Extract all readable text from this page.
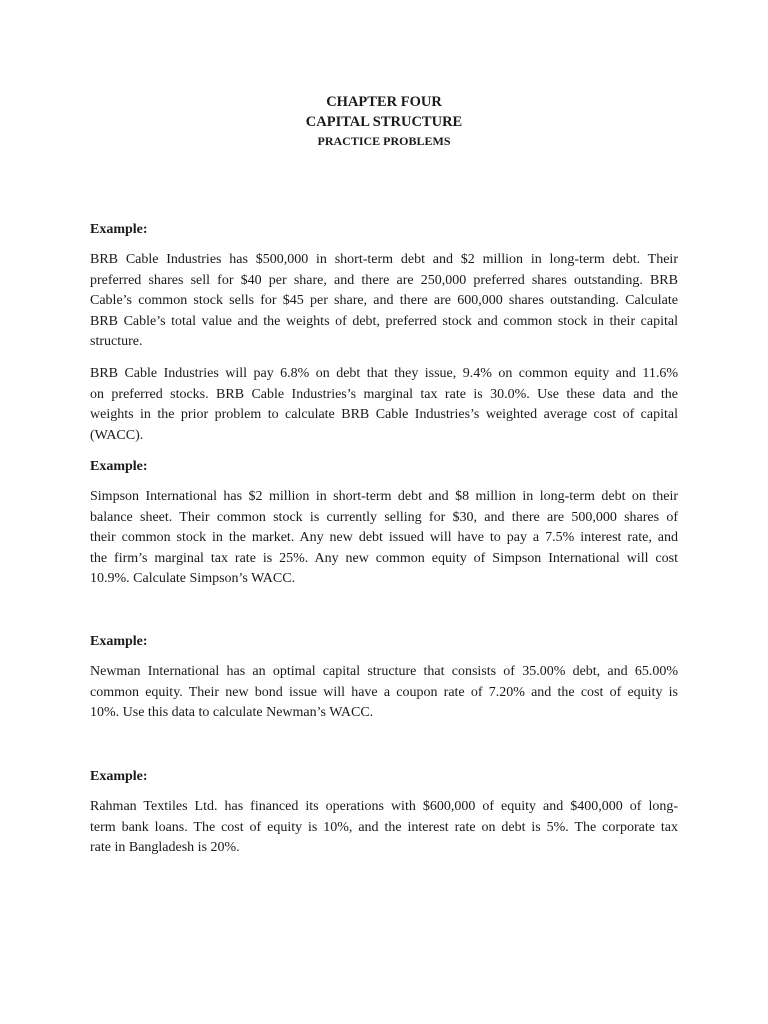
CHAPTER FOUR
CAPITAL STRUCTURE
PRACTICE PROBLEMS
Example:
BRB Cable Industries has $500,000 in short-term debt and $2 million in long-term debt. Their
preferred shares sell for $40 per share, and there are 250,000 preferred shares outstanding. BRB
Cable’s common stock sells for $45 per share, and there are 600,000 shares outstanding. Calculate
BRB Cable’s total value and the weights of debt, preferred stock and common stock in their capital
structure.
BRB Cable Industries will pay 6.8% on debt that they issue, 9.4% on common equity and 11.6%
on preferred stocks. BRB Cable Industries’s marginal tax rate is 30.0%. Use these data and the
weights in the prior problem to calculate BRB Cable Industries’s weighted average cost of capital
(WACC).
Example:
Simpson International has $2 million in short-term debt and $8 million in long-term debt on their
balance sheet. Their common stock is currently selling for $30, and there are 500,000 shares of
their common stock in the market. Any new debt issued will have to pay a 7.5% interest rate, and
the firm’s marginal tax rate is 25%. Any new common equity of Simpson International will cost
10.9%. Calculate Simpson’s WACC.
Example:
Newman International has an optimal capital structure that consists of 35.00% debt, and 65.00%
common equity. Their new bond issue will have a coupon rate of 7.20% and the cost of equity is
10%. Use this data to calculate Newman’s WACC.
Example:
Rahman Textiles Ltd. has financed its operations with $600,000 of equity and $400,000 of long-
term bank loans. The cost of equity is 10%, and the interest rate on debt is 5%. The corporate tax
rate in Bangladesh is 20%.
